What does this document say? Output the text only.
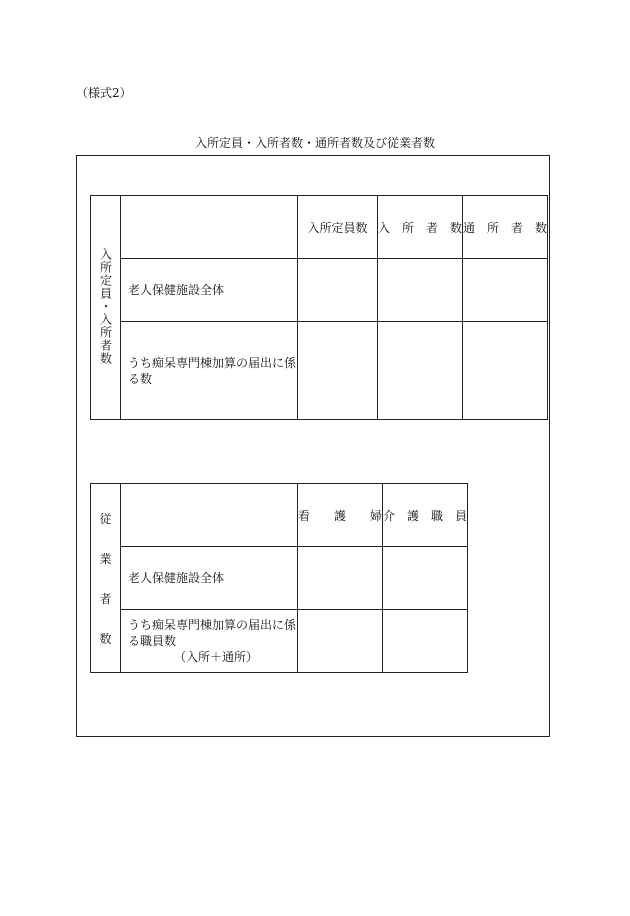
（様式2）
入所定員・入所者数・通所者数及び従業者数
入所定員・入所者数		入所定員数	入　所　者　数	通　所　者　数
	老人保健施設全体			
	うち痴呆専門棟加算の届出に係る数			
従
業
者
数		看　　護　　婦	介　護　職　員
	老人保健施設全体		
	うち痴呆専門棟加算の届出に係る職員数
（入所＋通所）		
